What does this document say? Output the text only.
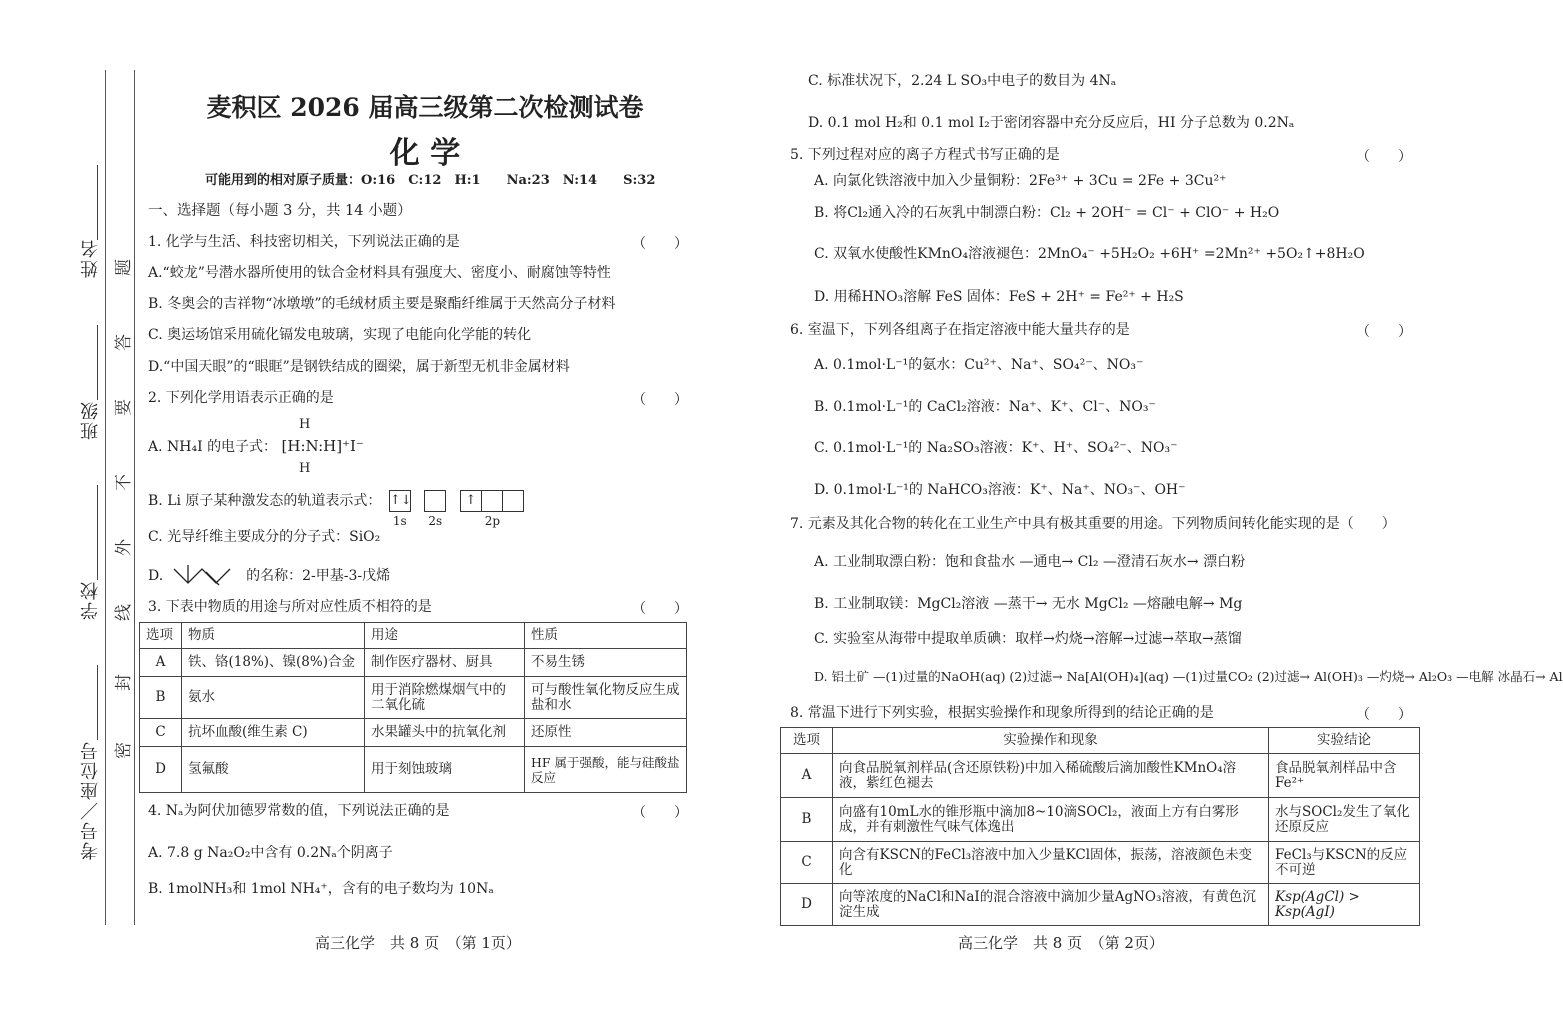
姓名
班级
学校
考号／座位号
题
答
要
不
外
线
封
密
麦积区 2026 届高三级第二次检测试卷
化 学
可能用到的相对原子质量：O:16　C:12　H:1　　Na:23　N:14　　S:32
一、选择题（每小题 3 分，共 14 小题）
1. 化学与生活、科技密切相关，下列说法正确的是	（　　）
A.“蛟龙”号潜水器所使用的钛合金材料具有强度大、密度小、耐腐蚀等特性
B. 冬奥会的吉祥物“冰墩墩”的毛绒材质主要是聚酯纤维属于天然高分子材料
C. 奥运场馆采用硫化镉发电玻璃，实现了电能向化学能的转化
D.“中国天眼”的“眼眶”是钢铁结成的圈梁，属于新型无机非金属材料
2. 下列化学用语表示正确的是	（　　）
A. NH₄I 的电子式： [H:N:H]⁺I⁻
H
H
B. Li 原子某种激发态的轨道表示式： ↑↓
1s
2s
↑
2p
C. 光导纤维主要成分的分子式：SiO₂
D.	的名称：2-甲基-3-戊烯
3. 下表中物质的用途与所对应性质不相符的是	（　　）
选项	物质	用途	性质
A	铁、铬(18%)、镍(8%)合金	制作医疗器材、厨具	不易生锈
B	氨水	用于消除燃煤烟气中的二氧化硫	可与酸性氧化物反应生成盐和水
C	抗坏血酸(维生素 C)	水果罐头中的抗氧化剂	还原性
D	氢氟酸	用于刻蚀玻璃	HF 属于强酸，能与硅酸盐反应
4. Nₐ为阿伏加德罗常数的值，下列说法正确的是	（　　）
A. 7.8 g Na₂O₂中含有 0.2Nₐ个阴离子
B. 1molNH₃和 1mol NH₄⁺，含有的电子数均为 10Nₐ
高三化学　共 8 页　（第 1页）
C. 标准状况下，2.24 L SO₃中电子的数目为 4Nₐ
D. 0.1 mol H₂和 0.1 mol I₂于密闭容器中充分反应后，HI 分子总数为 0.2Nₐ
5. 下列过程对应的离子方程式书写正确的是	（　　）
A. 向氯化铁溶液中加入少量铜粉：2Fe³⁺ + 3Cu = 2Fe + 3Cu²⁺
B. 将Cl₂通入冷的石灰乳中制漂白粉：Cl₂ + 2OH⁻ = Cl⁻ + ClO⁻ + H₂O
C. 双氧水使酸性KMnO₄溶液褪色：2MnO₄⁻ +5H₂O₂ +6H⁺ =2Mn²⁺ +5O₂↑+8H₂O
D. 用稀HNO₃溶解 FeS 固体：FeS + 2H⁺ = Fe²⁺ + H₂S
6. 室温下，下列各组离子在指定溶液中能大量共存的是	（　　）
A. 0.1mol·L⁻¹的氨水：Cu²⁺、Na⁺、SO₄²⁻、NO₃⁻
B. 0.1mol·L⁻¹的 CaCl₂溶液：Na⁺、K⁺、Cl⁻、NO₃⁻
C. 0.1mol·L⁻¹的 Na₂SO₃溶液：K⁺、H⁺、SO₄²⁻、NO₃⁻
D. 0.1mol·L⁻¹的 NaHCO₃溶液：K⁺、Na⁺、NO₃⁻、OH⁻
7. 元素及其化合物的转化在工业生产中具有极其重要的用途。下列物质间转化能实现的是（　　）
A. 工业制取漂白粉：饱和食盐水 —通电→ Cl₂ —澄清石灰水→ 漂白粉
B. 工业制取镁：MgCl₂溶液 —蒸干→ 无水 MgCl₂ —熔融电解→ Mg
C. 实验室从海带中提取单质碘：取样→灼烧→溶解→过滤→萃取→蒸馏
D. 铝土矿 —(1)过量的NaOH(aq) (2)过滤→ Na[Al(OH)₄](aq) —(1)过量CO₂ (2)过滤→ Al(OH)₃ —灼烧→ Al₂O₃ —电解 冰晶石→ Al
8. 常温下进行下列实验，根据实验操作和现象所得到的结论正确的是	（　　）
选项	实验操作和现象	实验结论
A	向食品脱氧剂样品(含还原铁粉)中加入稀硫酸后滴加酸性KMnO₄溶液，紫红色褪去	食品脱氧剂样品中含Fe²⁺
B	向盛有10mL水的锥形瓶中滴加8~10滴SOCl₂，液面上方有白雾形成，并有刺激性气味气体逸出	水与SOCl₂发生了氧化还原反应
C	向含有KSCN的FeCl₃溶液中加入少量KCl固体，振荡，溶液颜色未变化	FeCl₃与KSCN的反应不可逆
D	向等浓度的NaCl和NaI的混合溶液中滴加少量AgNO₃溶液，有黄色沉淀生成	Ksp(AgCl) > Ksp(AgI)
高三化学　共 8 页　（第 2页）
